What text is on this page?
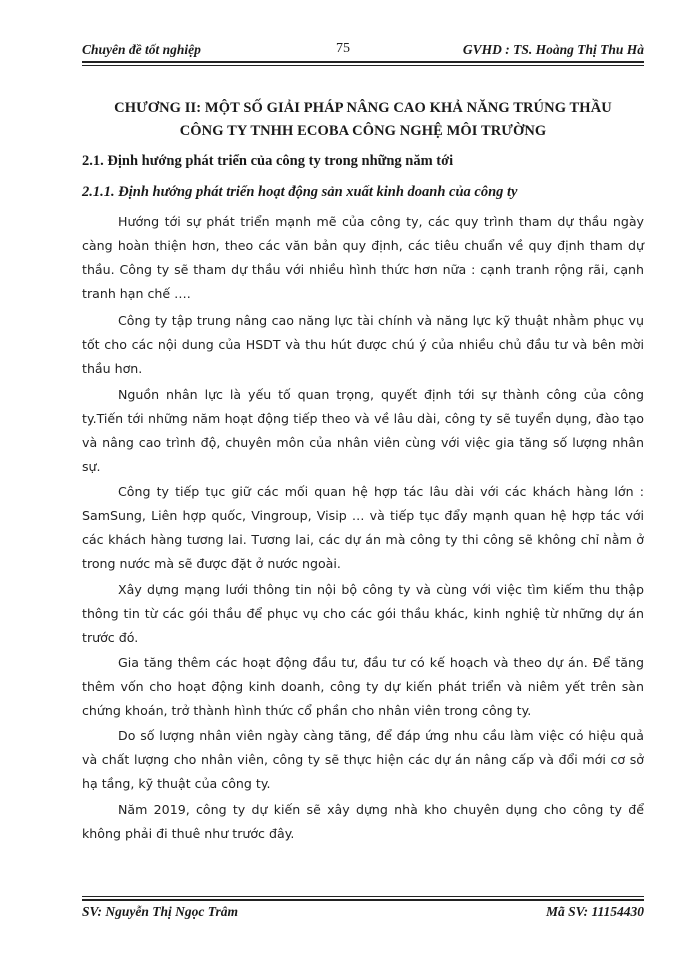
Chuyên đề tốt nghiệp	75	GVHD : TS. Hoàng Thị Thu Hà
CHƯƠNG II: MỘT SỐ GIẢI PHÁP NÂNG CAO KHẢ NĂNG TRÚNG THẦU
CÔNG TY TNHH ECOBA CÔNG NGHỆ MÔI TRƯỜNG
2.1. Định hướng phát triển của công ty trong những năm tới
2.1.1. Định hướng phát triển hoạt động sản xuất kinh doanh của công ty
Hướng tới sự phát triển mạnh mẽ của công ty, các quy trình tham dự thầu ngày càng hoàn thiện hơn, theo các văn bản quy định, các tiêu chuẩn về quy định tham dự thầu. Công ty sẽ tham dự thầu với nhiều hình thức hơn nữa : cạnh tranh rộng rãi, cạnh tranh hạn chế ….
Công ty tập trung nâng cao năng lực tài chính và năng lực kỹ thuật nhằm phục vụ tốt cho các nội dung của HSDT và thu hút được chú ý của nhiều chủ đầu tư và bên mời thầu hơn.
Nguồn nhân lực là yếu tố quan trọng, quyết định tới sự thành công của công ty.Tiến tới những năm hoạt động tiếp theo và về lâu dài, công ty sẽ tuyển dụng, đào tạo và nâng cao trình độ, chuyên môn của nhân viên cùng với việc gia tăng số lượng nhân sự.
Công ty tiếp tục giữ các mối quan hệ hợp tác lâu dài với các khách hàng lớn : SamSung, Liên hợp quốc, Vingroup, Visip … và tiếp tục đẩy mạnh quan hệ hợp tác với các khách hàng tương lai. Tương lai, các dự án mà công ty thi công sẽ không chỉ nằm ở trong nước mà sẽ được đặt ở nước ngoài.
Xây dựng mạng lưới thông tin nội bộ công ty và cùng với việc tìm kiếm thu thập thông tin từ các gói thầu để phục vụ cho các gói thầu khác, kinh nghiệ từ những dự án trước đó.
Gia tăng thêm các hoạt động đầu tư, đầu tư có kế hoạch và theo dự án. Để tăng thêm vốn cho hoạt động kinh doanh, công ty dự kiến phát triển và niêm yết trên sàn chứng khoán, trở thành hình thức cổ phần cho nhân viên trong công ty.
Do số lượng nhân viên ngày càng tăng, để đáp ứng nhu cầu làm việc có hiệu quả và chất lượng cho nhân viên, công ty sẽ thực hiện các dự án nâng cấp và đổi mới cơ sở hạ tầng, kỹ thuật của công ty.
Năm 2019, công ty dự kiến sẽ xây dựng nhà kho chuyên dụng cho công ty để không phải đi thuê như trước đây.
SV: Nguyễn Thị Ngọc Trâm	Mã SV: 11154430
